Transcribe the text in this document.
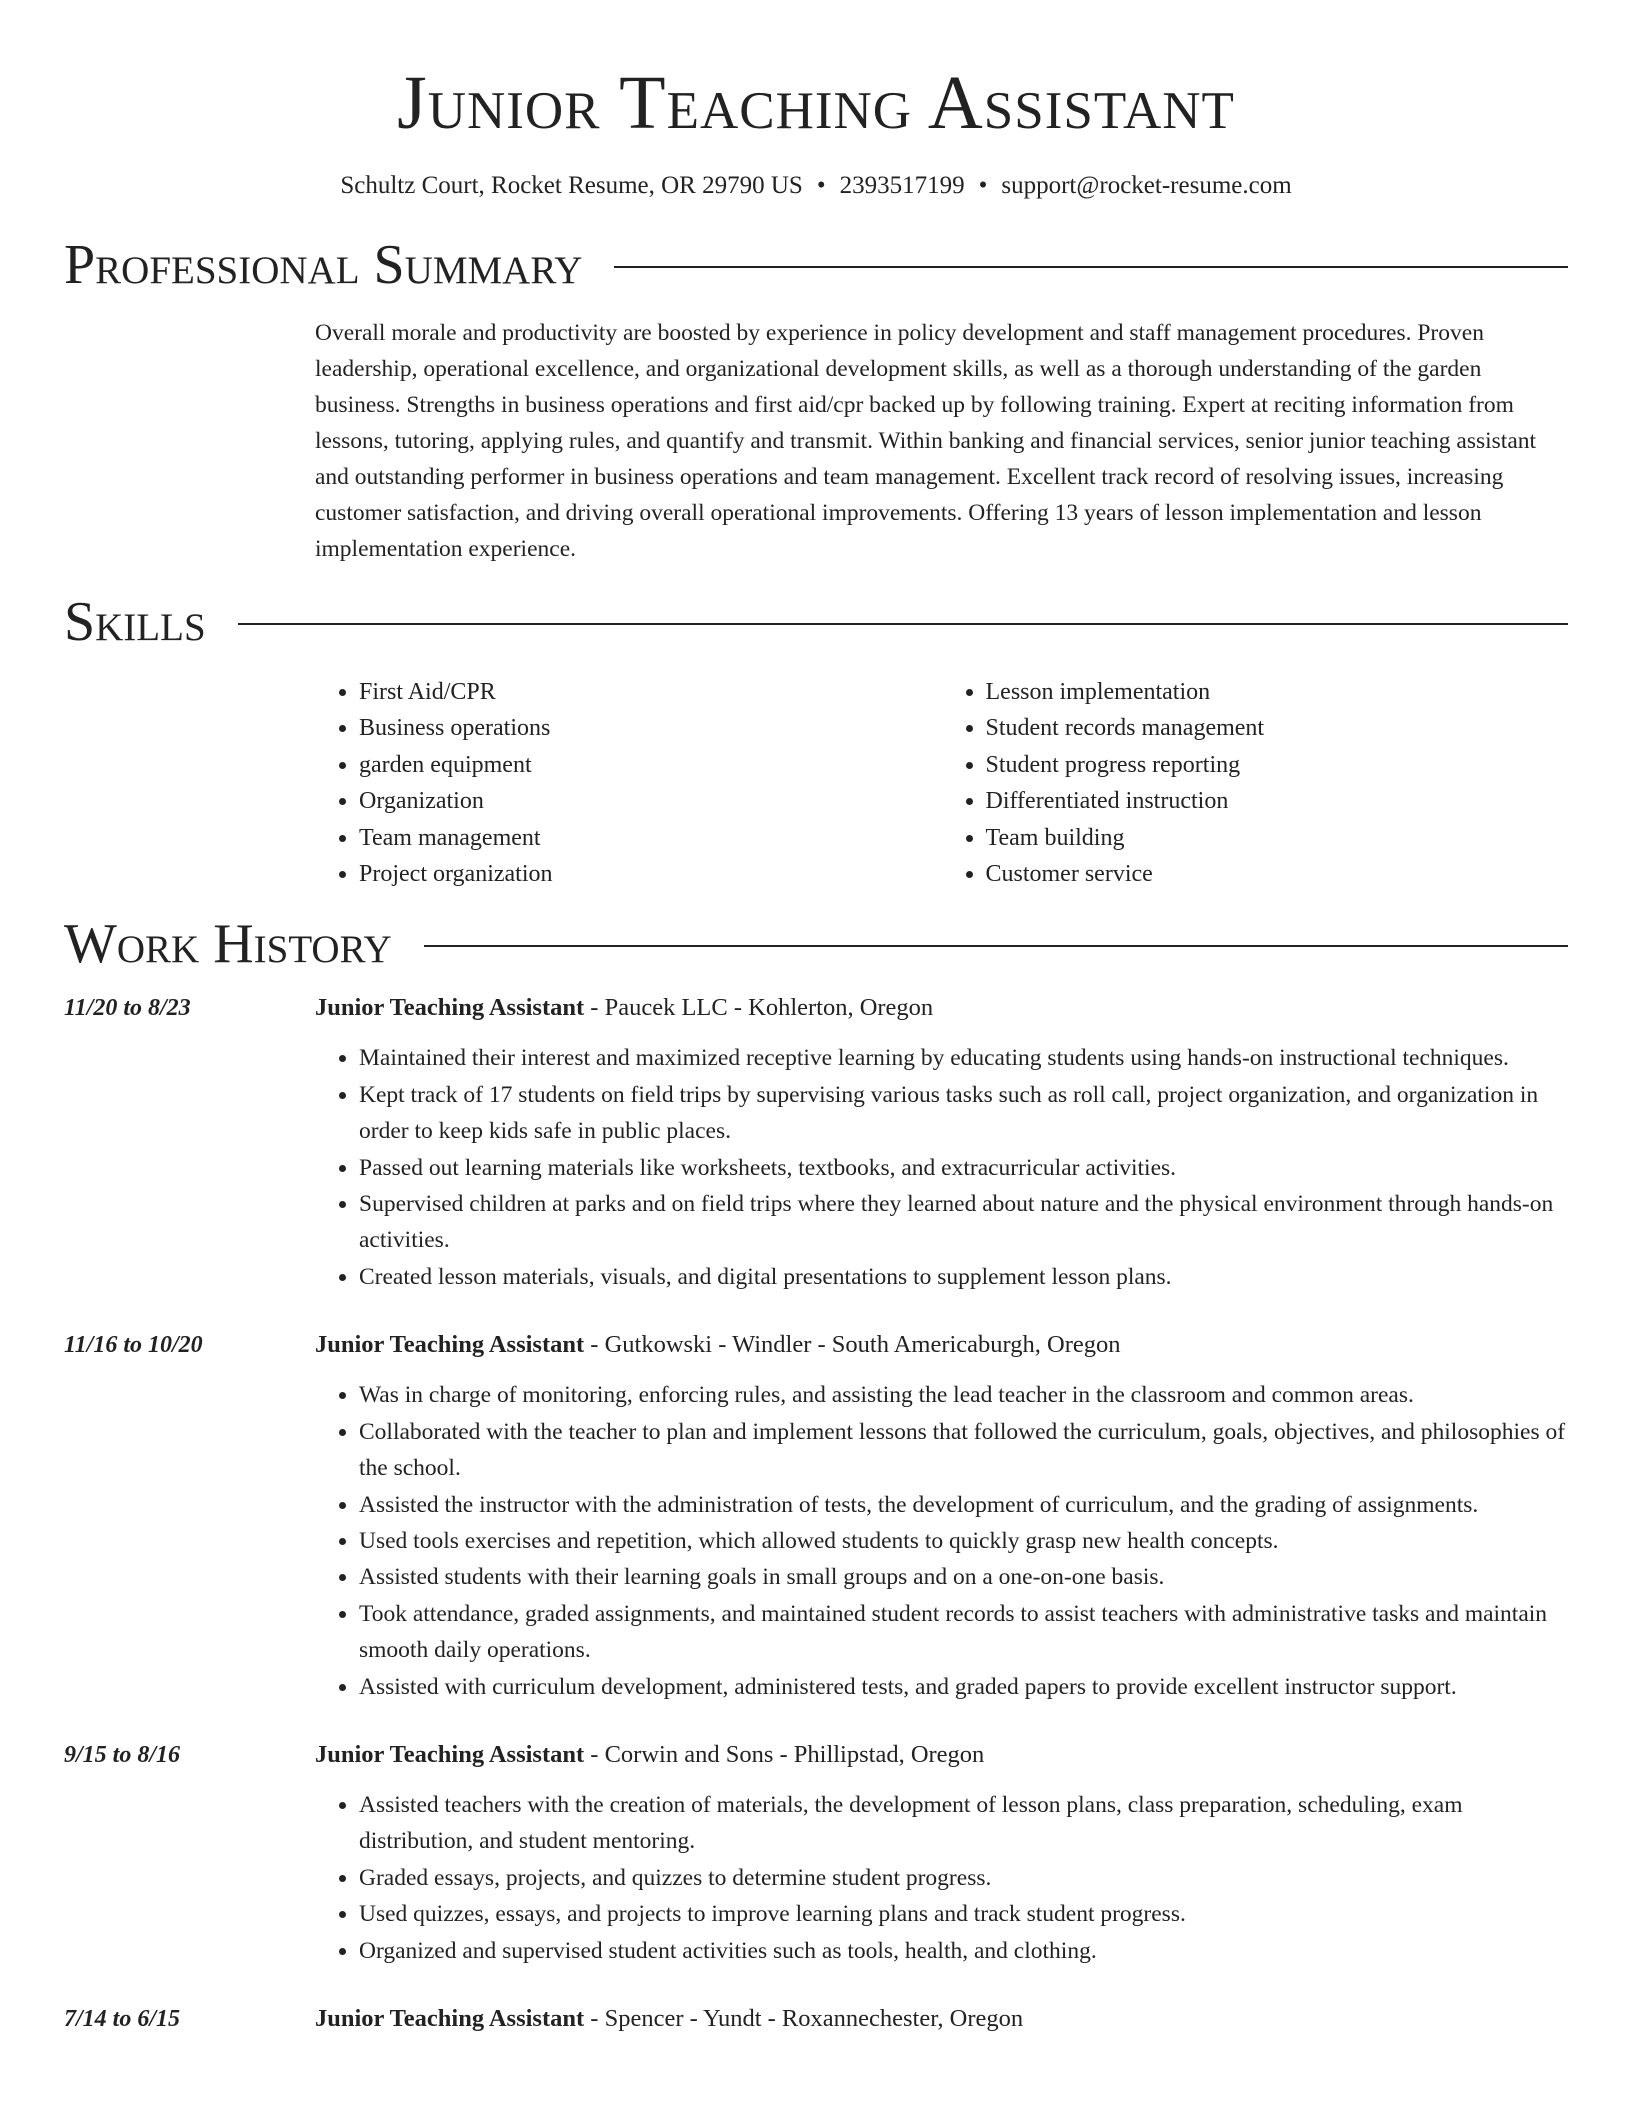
Junior Teaching Assistant
Schultz Court, Rocket Resume, OR 29790 US • 2393517199 • support@rocket-resume.com
Professional Summary
Overall morale and productivity are boosted by experience in policy development and staff management procedures. Proven leadership, operational excellence, and organizational development skills, as well as a thorough understanding of the garden business. Strengths in business operations and first aid/cpr backed up by following training. Expert at reciting information from lessons, tutoring, applying rules, and quantify and transmit. Within banking and financial services, senior junior teaching assistant and outstanding performer in business operations and team management. Excellent track record of resolving issues, increasing customer satisfaction, and driving overall operational improvements. Offering 13 years of lesson implementation and lesson implementation experience.
Skills
• First Aid/CPR
• Business operations
• garden equipment
• Organization
• Team management
• Project organization
• Lesson implementation
• Student records management
• Student progress reporting
• Differentiated instruction
• Team building
• Customer service
Work History
11/20 to 8/23	Junior Teaching Assistant - Paucek LLC - Kohlerton, Oregon
• Maintained their interest and maximized receptive learning by educating students using hands-on instructional techniques.
• Kept track of 17 students on field trips by supervising various tasks such as roll call, project organization, and organization in order to keep kids safe in public places.
• Passed out learning materials like worksheets, textbooks, and extracurricular activities.
• Supervised children at parks and on field trips where they learned about nature and the physical environment through hands-on activities.
• Created lesson materials, visuals, and digital presentations to supplement lesson plans.
11/16 to 10/20	Junior Teaching Assistant - Gutkowski - Windler - South Americaburgh, Oregon
• Was in charge of monitoring, enforcing rules, and assisting the lead teacher in the classroom and common areas.
• Collaborated with the teacher to plan and implement lessons that followed the curriculum, goals, objectives, and philosophies of the school.
• Assisted the instructor with the administration of tests, the development of curriculum, and the grading of assignments.
• Used tools exercises and repetition, which allowed students to quickly grasp new health concepts.
• Assisted students with their learning goals in small groups and on a one-on-one basis.
• Took attendance, graded assignments, and maintained student records to assist teachers with administrative tasks and maintain smooth daily operations.
• Assisted with curriculum development, administered tests, and graded papers to provide excellent instructor support.
9/15 to 8/16	Junior Teaching Assistant - Corwin and Sons - Phillipstad, Oregon
• Assisted teachers with the creation of materials, the development of lesson plans, class preparation, scheduling, exam distribution, and student mentoring.
• Graded essays, projects, and quizzes to determine student progress.
• Used quizzes, essays, and projects to improve learning plans and track student progress.
• Organized and supervised student activities such as tools, health, and clothing.
7/14 to 6/15	Junior Teaching Assistant - Spencer - Yundt - Roxannechester, Oregon
